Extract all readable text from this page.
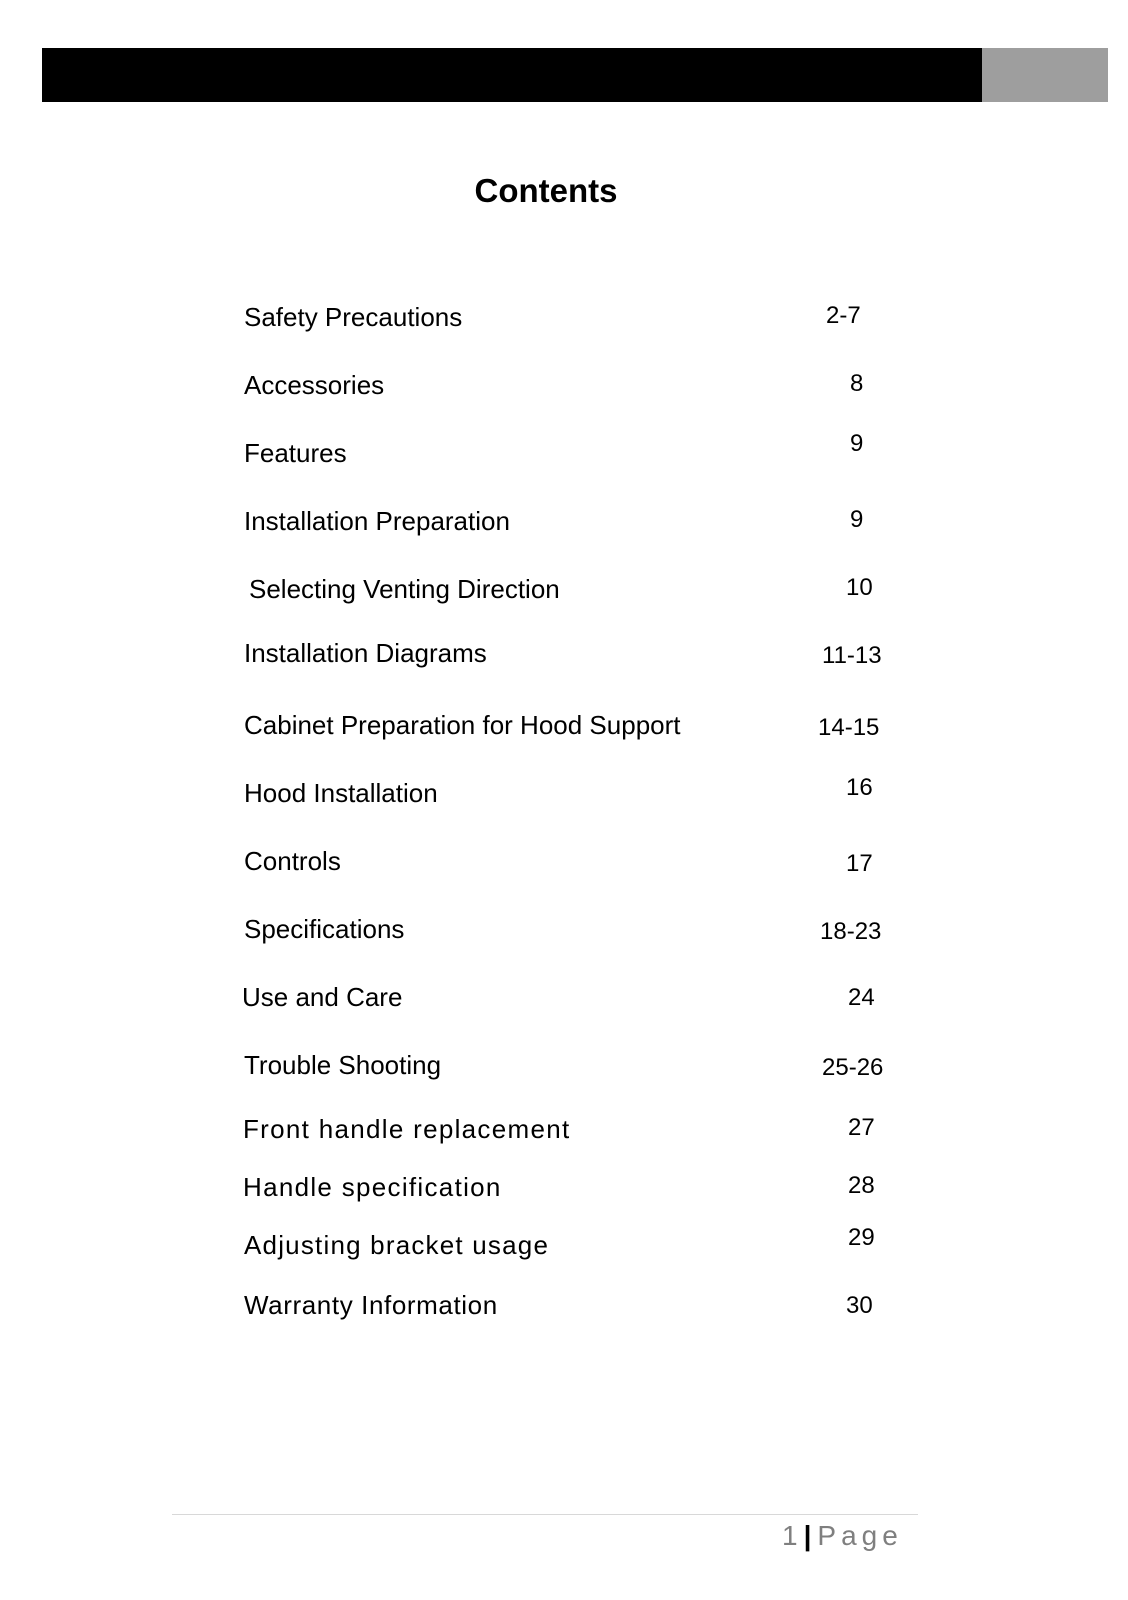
Contents
Safety Precautions	2-7
Accessories	8
Features	9
Installation Preparation	9
Selecting Venting Direction	10
Installation Diagrams	11-13
Cabinet Preparation for Hood Support	14-15
Hood Installation	16
Controls	17
Specifications	18-23
Use and Care	24
Trouble Shooting	25-26
Front handle replacement	27
Handle specification	28
Adjusting bracket usage	29
Warranty Information	30
1 | Page
